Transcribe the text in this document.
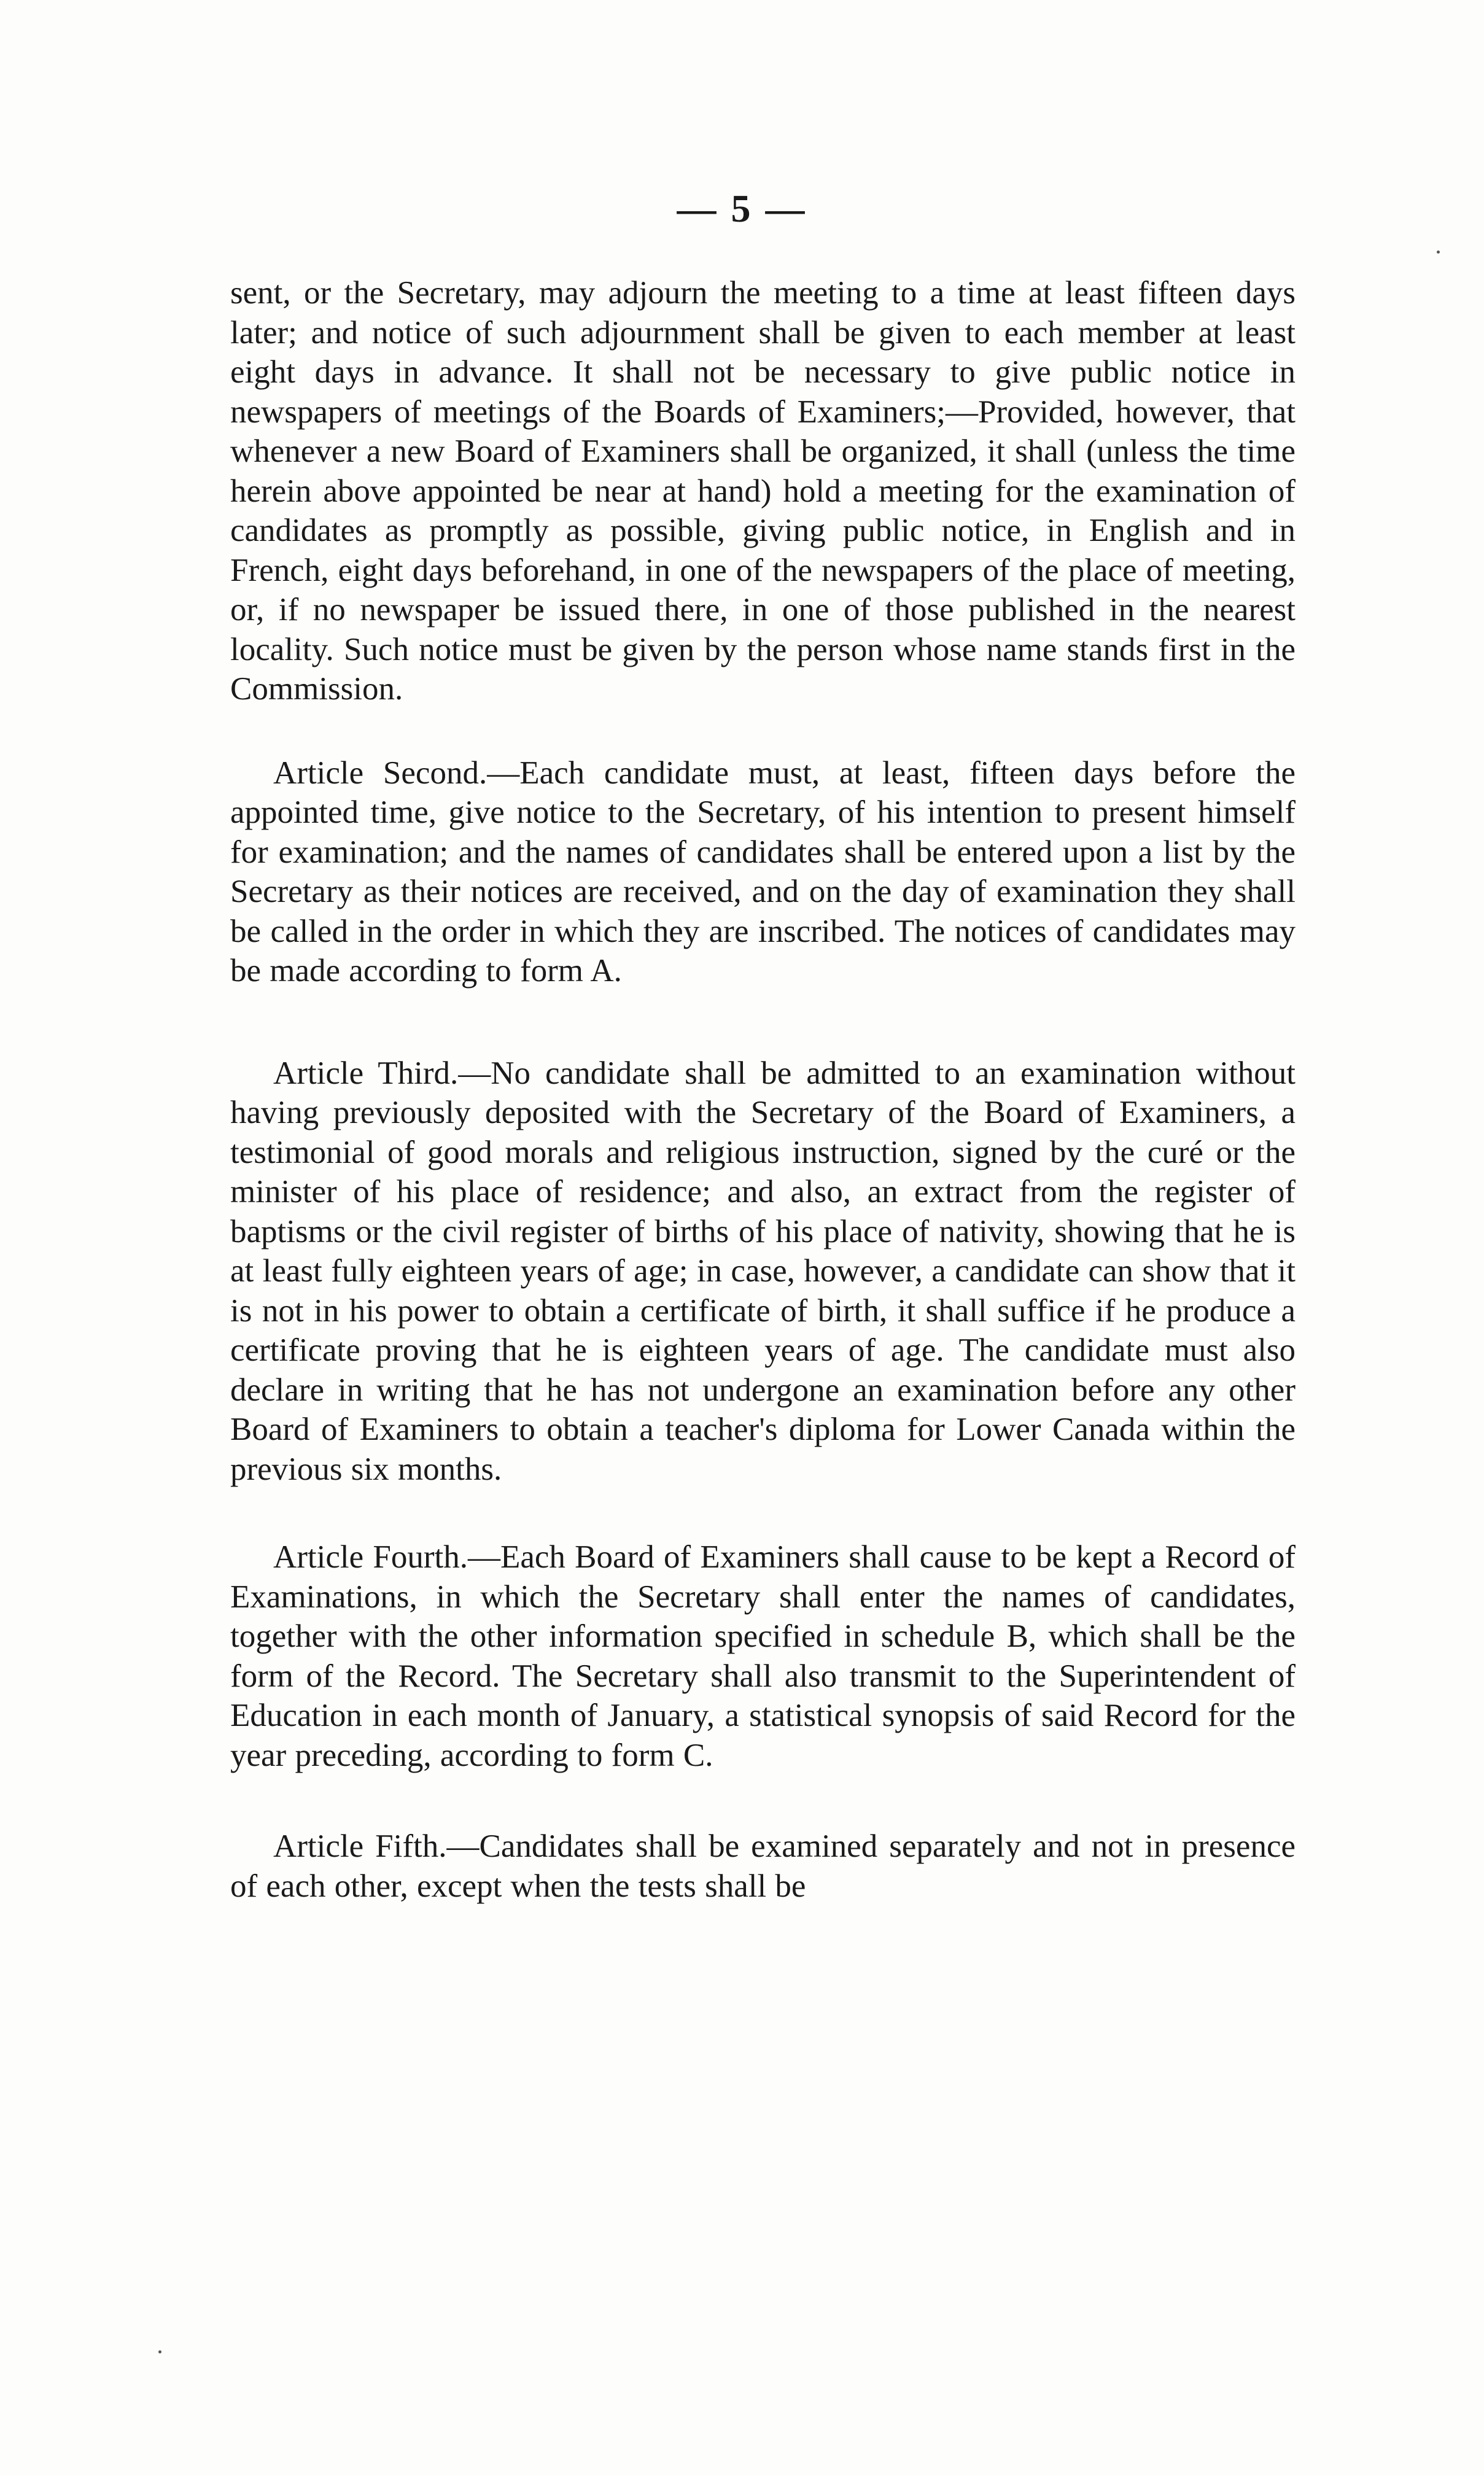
— 5 —

sent, or the Secretary, may adjourn the meeting to a time at least fifteen days later; and notice of such adjournment shall be given to each member at least eight days in advance. It shall not be necessary to give public notice in newspapers of meetings of the Boards of Examiners;—Provided, however, that whenever a new Board of Examiners shall be organized, it shall (unless the time herein above appointed be near at hand) hold a meeting for the examination of candidates as promptly as possible, giving public notice, in English and in French, eight days beforehand, in one of the newspapers of the place of meeting, or, if no newspaper be issued there, in one of those published in the nearest locality. Such notice must be given by the person whose name stands first in the Commission.

Article Second.—Each candidate must, at least, fifteen days before the appointed time, give notice to the Secretary, of his intention to present himself for examination; and the names of candidates shall be entered upon a list by the Secretary as their notices are received, and on the day of examination they shall be called in the order in which they are inscribed. The notices of candidates may be made according to form A.

Article Third.—No candidate shall be admitted to an examination without having previously deposited with the Secretary of the Board of Examiners, a testimonial of good morals and religious instruction, signed by the curé or the minister of his place of residence; and also, an extract from the register of baptisms or the civil register of births of his place of nativity, showing that he is at least fully eighteen years of age; in case, however, a candidate can show that it is not in his power to obtain a certificate of birth, it shall suffice if he produce a certificate proving that he is eighteen years of age. The candidate must also declare in writing that he has not undergone an examination before any other Board of Examiners to obtain a teacher's diploma for Lower Canada within the previous six months.

Article Fourth.—Each Board of Examiners shall cause to be kept a Record of Examinations, in which the Secretary shall enter the names of candidates, together with the other information specified in schedule B, which shall be the form of the Record. The Secretary shall also transmit to the Superintendent of Education in each month of January, a statistical synopsis of said Record for the year preceding, according to form C.

Article Fifth.—Candidates shall be examined separately and not in presence of each other, except when the tests shall be
